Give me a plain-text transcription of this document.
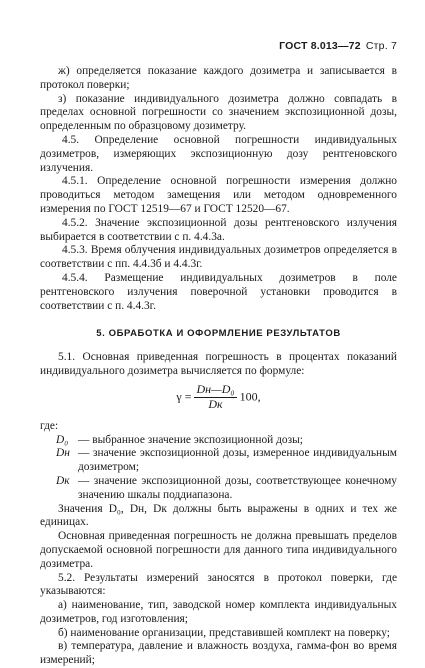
ГОСТ 8.013—72 Стр. 7

ж) определяется показание каждого дозиметра и записывается в протокол поверки;

з) показание индивидуального дозиметра должно совпадать в пределах основной погрешности со значением экспозиционной дозы, определенным по образцовому дозиметру.

4.5. Определение основной погрешности индивидуальных дозиметров, измеряющих экспозиционную дозу рентгеновского излучения.

4.5.1. Определение основной погрешности измерения должно проводиться методом замещения или методом одновременного измерения по ГОСТ 12519—67 и ГОСТ 12520—67.

4.5.2. Значение экспозиционной дозы рентгеновского излучения выбирается в соответствии с п. 4.4.3а.

4.5.3. Время облучения индивидуальных дозиметров определяется в соответствии с пп. 4.4.3б и 4.4.3г.

4.5.4. Размещение индивидуальных дозиметров в поле рентгеновского излучения поверочной установки проводится в соответствии с п. 4.4.3г.

5. ОБРАБОТКА И ОФОРМЛЕНИЕ РЕЗУЛЬТАТОВ

5.1. Основная приведенная погрешность в процентах показаний индивидуального дозиметра вычисляется по формуле:

$\gamma = \frac{\text{Dн—D₀}}{Dк} 100$,

где:

D₀ — выбранное значение экспозиционной дозы;
Dн — значение экспозиционной дозы, измеренное индивидуальным дозиметром;
Dк — значение экспозиционной дозы, соответствующее конечному значению шкалы поддиапазона.

Значения D₀, Dн, Dк должны быть выражены в одних и тех же единицах.

Основная приведенная погрешность не должна превышать пределов допускаемой основной погрешности для данного типа индивидуального дозиметра.

5.2. Результаты измерений заносятся в протокол поверки, где указываются:

а) наименование, тип, заводской номер комплекта индивидуальных дозиметров, год изготовления;

б) наименование организации, представившей комплект на поверку;

в) температура, давление и влажность воздуха, гамма-фон во время измерений;
